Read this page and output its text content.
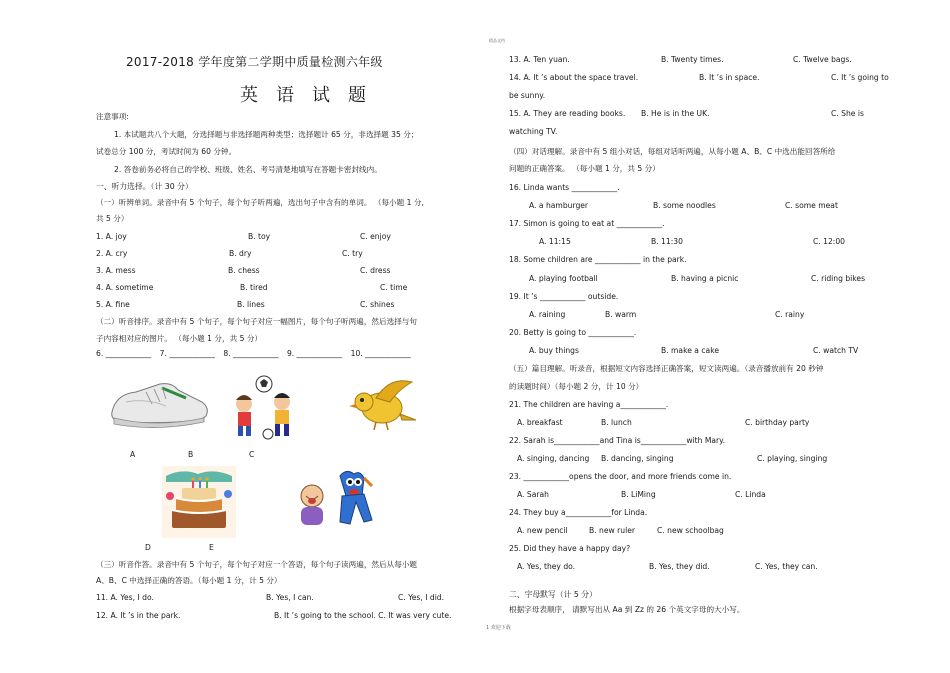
精品文档
1 欢迎下载
2017-2018 学年度第二学期中质量检测六年级
英语试题
注意事项:
1. 本试题共八个大题，分选择题与非选择题两种类型；选择题计 65 分，非选择题 35 分；
试卷总分 100 分，考试时间为 60 分钟。
2. 答卷前务必将自己的学校、班级、姓名、考号清楚地填写在答题卡密封线内。
一、听力选择。（计 30 分）
（一）听辨单词。录音中有 5 个句子，每个句子听两遍，选出句子中含有的单词。 （每小题 1 分,
共 5 分）
1. A. joy	B. toy	C. enjoy
2. A. cry	B. dry	C. try
3. A. mess	B. chess	C. dress
4. A. sometime	B. tired	C. time
5. A. fine	B. lines	C. shines
（二）听音排序。录音中有 5 个句子，每个句子对应一幅图片，每个句子听两遍，然后选择与句
子内容相对应的图片。 （每小题 1 分，共 5 分）
6. ____________ 7. ____________ 8. ____________ 9. ____________ 10. ____________
A	B	C
D	E
（三）听音作答。录音中有 5 个句子，每个句子对应一个答语，每个句子读两遍，然后从每小题
A、B、C 中选择正确的答语。（每小题 1 分，计 5 分）
11. A. Yes, I do.	B. Yes, I can.	C. Yes, I did.
12. A. It ’s in the park.	B. It ’s going to the school. C. It was very cute.
13. A. Ten yuan.	B. Twenty times.	C. Twelve bags.
14. A. It ’s about the space travel.	B. It ’s in space.	C. It ’s going to
be sunny.
15. A. They are reading books. B. He is in the UK.	C. She is
watching TV.
（四）对话理解。录音中有 5 组小对话，每组对话听两遍，从每小题 A、B、C 中选出能回答所给
问题的正确答案。 （每小题 1 分，共 5 分）
16. Linda wants ____________.
A. a hamburger	B. some noodles	C. some meat
17. Simon is going to eat at ____________.
A. 11:15	B. 11:30	C. 12:00
18. Some children are ____________ in the park.
A. playing football	B. having a picnic	C. riding bikes
19. It ’s ____________ outside.
A. raining	B. warm	C. rainy
20. Betty is going to ____________.
A. buy things	B. make a cake	C. watch TV
（五）篇目理解。听录音，根据短文内容选择正确答案，短文读两遍。（录音播放前有 20 秒钟
的读题时间）（每小题 2 分，计 10 分）
21. The children are having a____________.
A. breakfast	B. lunch	C. birthday party
22. Sarah is____________and Tina is____________with Mary.
A. singing, dancing B. dancing, singing	C. playing, singing
23. ____________opens the door, and more friends come in.
A. Sarah	B. LiMing	C. Linda
24. They buy a____________for Linda.
A. new pencil	B. new ruler	C. new schoolbag
25. Did they have a happy day?
A. Yes, they do.	B. Yes, they did.	C. Yes, they can.
二、字母默写（计 5 分）
根据字母表顺序， 请默写出从 Aa 到 Zz 的 26 个英文字母的大小写。
